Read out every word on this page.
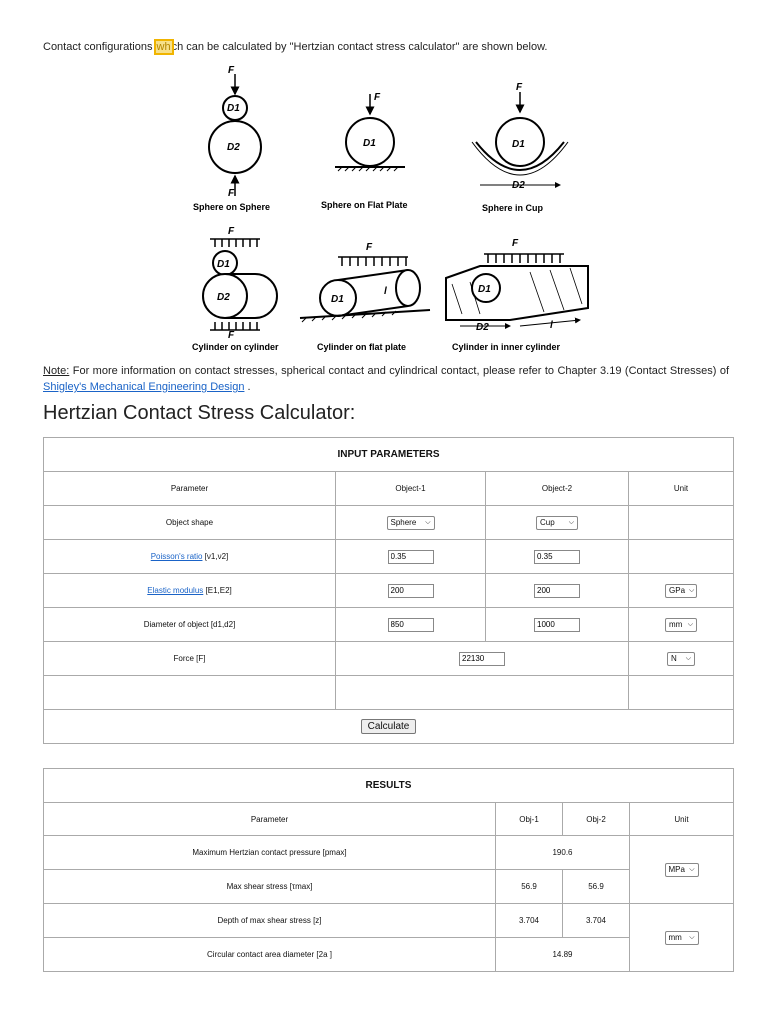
Contact configurations whch can be calculated by "Hertzian contact stress calculator" are shown below.
F
D1
D2
F
Sphere on Sphere
F
D1
Sphere on Flat Plate
F
D1
D2
Sphere in Cup
F
D1
D2
F
Cylinder on cylinder
F
D1
l
Cylinder on flat plate
F
D1
D2	l
Cylinder in inner cylinder
Note: For more information on contact stresses, spherical contact and cylindrical contact, please refer to Chapter 3.19 (Contact Stresses) of Shigley's Mechanical Engineering Design .
Hertzian Contact Stress Calculator:
INPUT PARAMETERS			
Parameter	Object-1	Object-2	Unit
Object shape	Sphere ⌵	Cup ⌵	

Poisson's ratio [ν1,ν2]	0.35	0.35	
Elastic modulus [E1,E2]	200	200	GPa ⌵

Diameter of object [d1,d2]	850	1000	mm ⌵

Force [F]	22130		N ⌵

Calculate			
RESULTS			
Parameter	Obj-1	Obj-2	Unit
Maximum Hertzian contact pressure [pmax]	190.6		MPa ⌵

Max shear stress [τmax]	56.9	56.9	
Depth of max shear stress [z]	3.704	3.704	mm ⌵

Circular contact area diameter [2a ]	14.89		
